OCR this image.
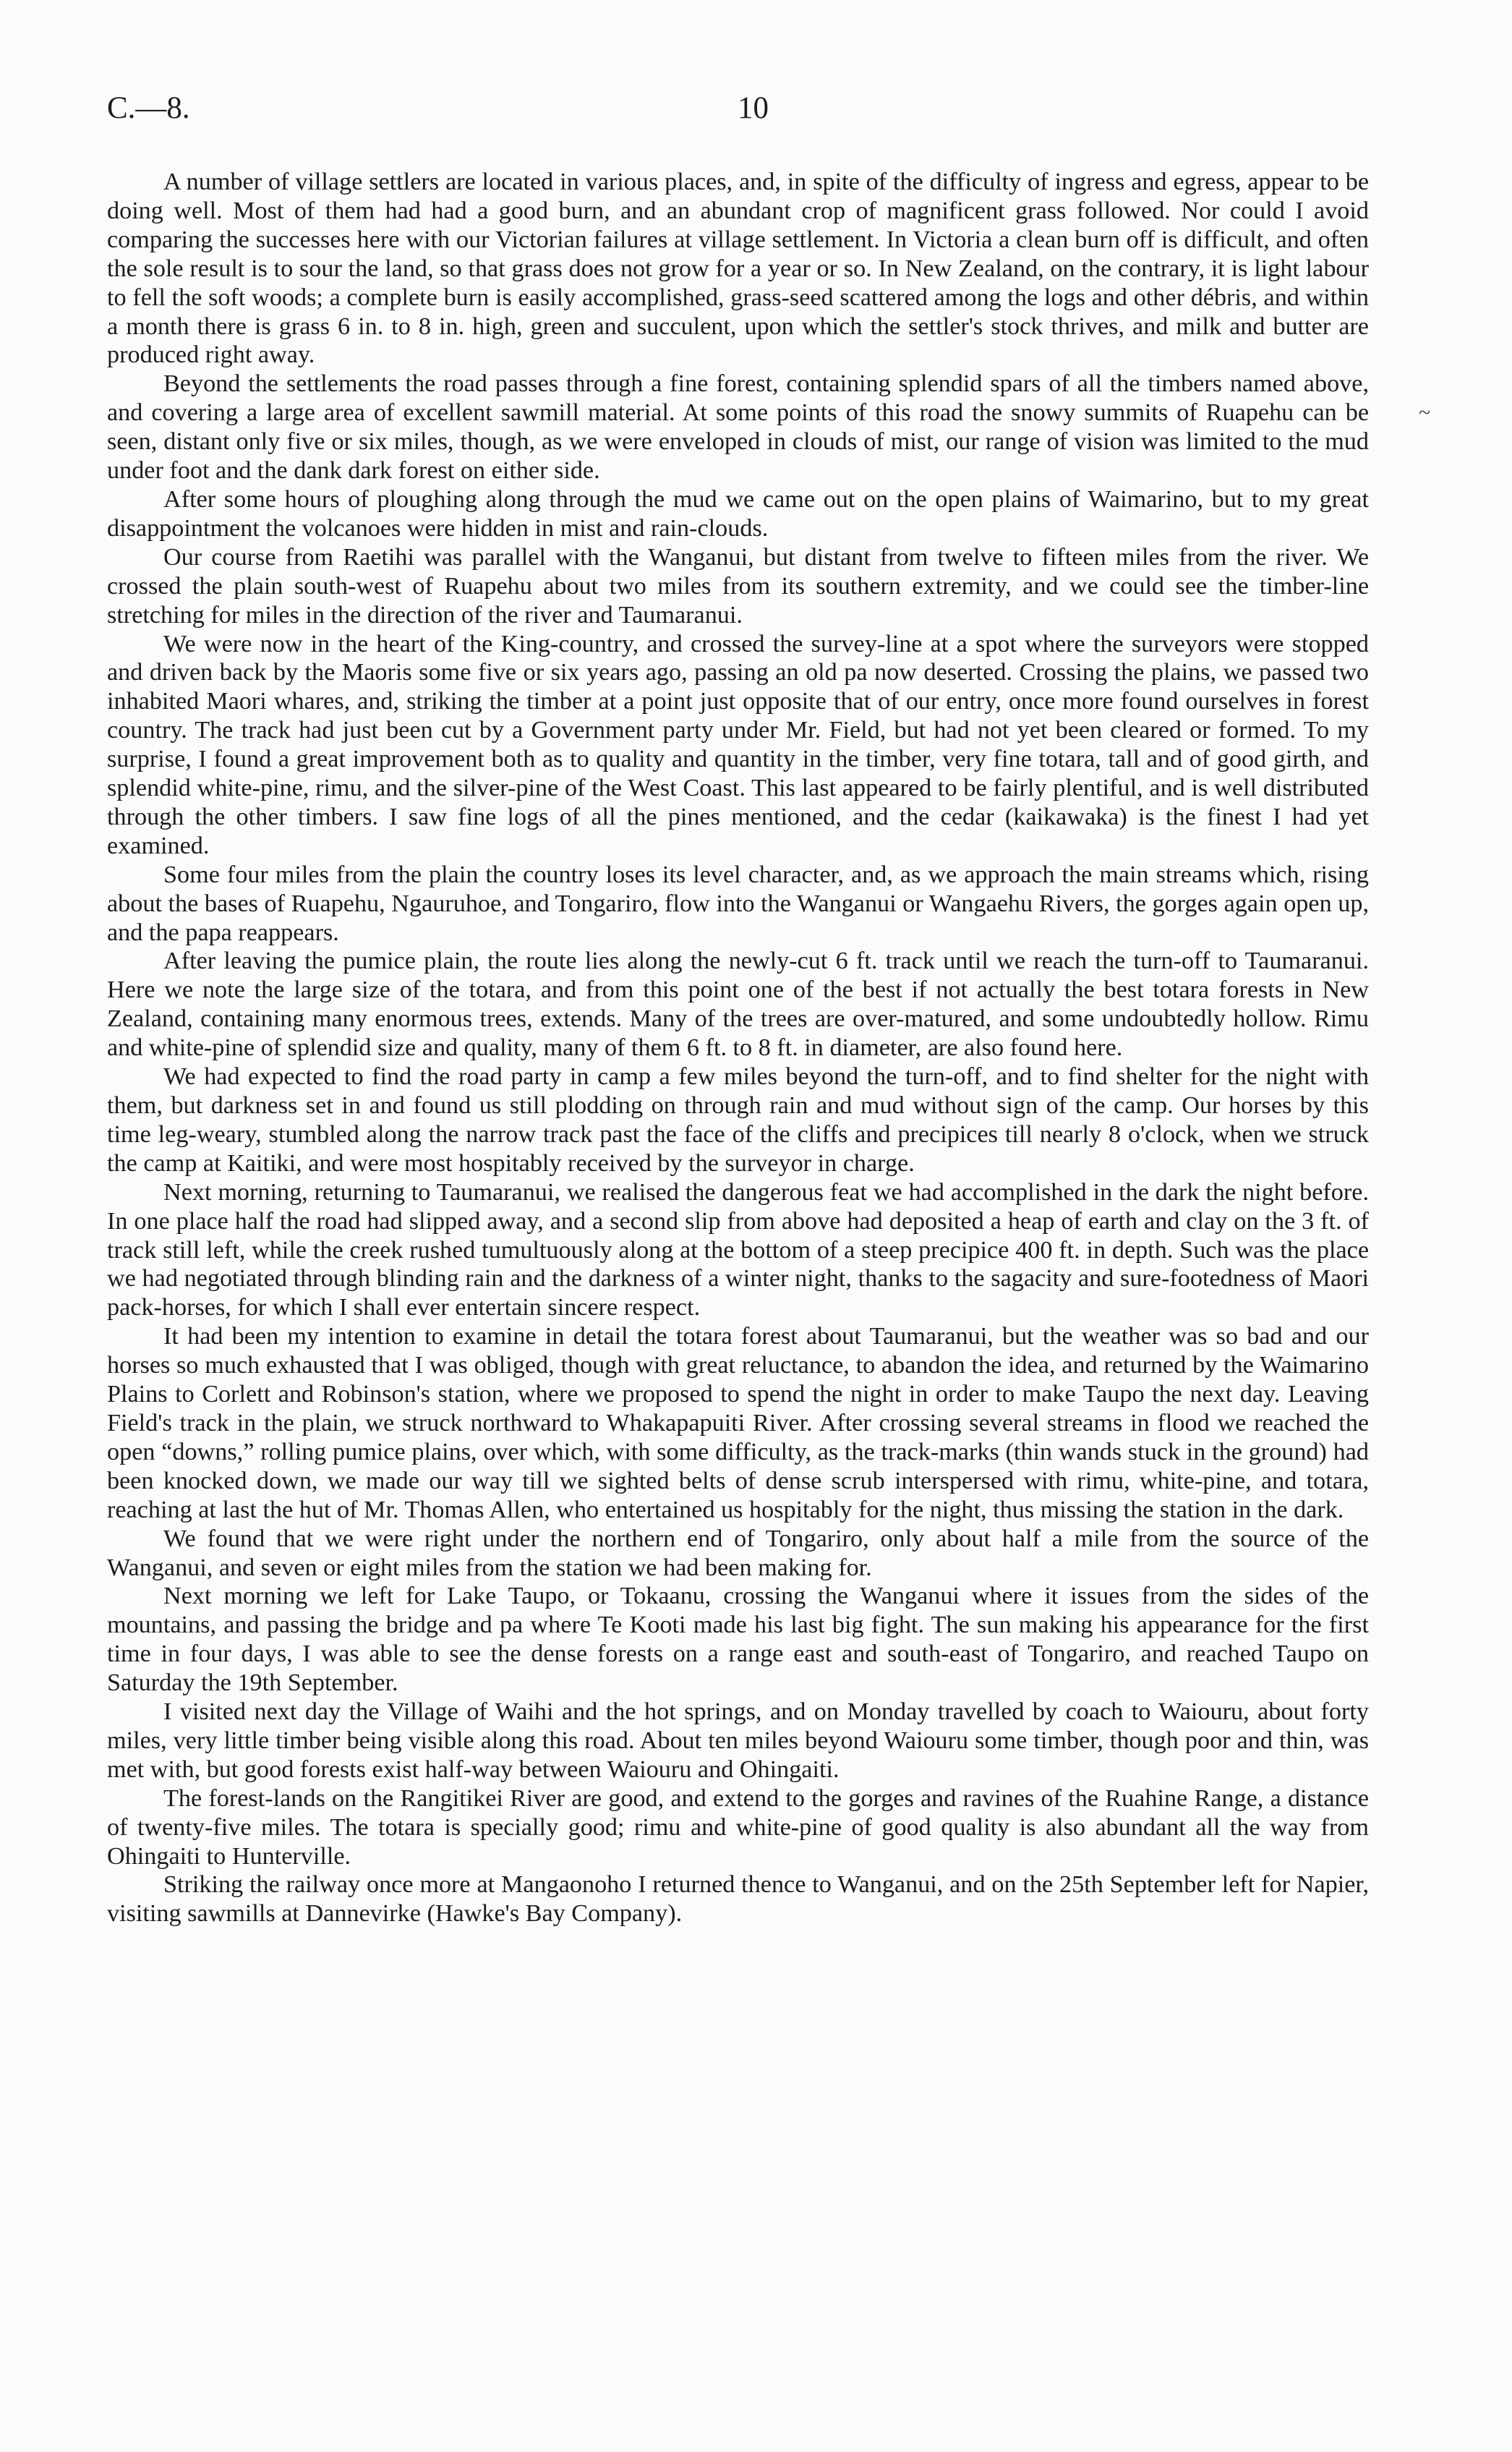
C.—8.	10
~

A number of village settlers are located in various places, and, in spite of the difficulty of ingress and egress, appear to be doing well. Most of them had had a good burn, and an abundant crop of magnificent grass followed. Nor could I avoid comparing the successes here with our Victorian failures at village settlement. In Victoria a clean burn off is difficult, and often the sole result is to sour the land, so that grass does not grow for a year or so. In New Zealand, on the contrary, it is light labour to fell the soft woods; a complete burn is easily accomplished, grass-seed scattered among the logs and other débris, and within a month there is grass 6 in. to 8 in. high, green and succulent, upon which the settler's stock thrives, and milk and butter are produced right away.

Beyond the settlements the road passes through a fine forest, containing splendid spars of all the timbers named above, and covering a large area of excellent sawmill material. At some points of this road the snowy summits of Ruapehu can be seen, distant only five or six miles, though, as we were enveloped in clouds of mist, our range of vision was limited to the mud under foot and the dank dark forest on either side.

After some hours of ploughing along through the mud we came out on the open plains of Waimarino, but to my great disappointment the volcanoes were hidden in mist and rain-clouds.

Our course from Raetihi was parallel with the Wanganui, but distant from twelve to fifteen miles from the river. We crossed the plain south-west of Ruapehu about two miles from its southern extremity, and we could see the timber-line stretching for miles in the direction of the river and Taumaranui.

We were now in the heart of the King-country, and crossed the survey-line at a spot where the surveyors were stopped and driven back by the Maoris some five or six years ago, passing an old pa now deserted. Crossing the plains, we passed two inhabited Maori whares, and, striking the timber at a point just opposite that of our entry, once more found ourselves in forest country. The track had just been cut by a Government party under Mr. Field, but had not yet been cleared or formed. To my surprise, I found a great improvement both as to quality and quantity in the timber, very fine totara, tall and of good girth, and splendid white-pine, rimu, and the silver-pine of the West Coast. This last appeared to be fairly plentiful, and is well distributed through the other timbers. I saw fine logs of all the pines mentioned, and the cedar (kaikawaka) is the finest I had yet examined.

Some four miles from the plain the country loses its level character, and, as we approach the main streams which, rising about the bases of Ruapehu, Ngauruhoe, and Tongariro, flow into the Wanganui or Wangaehu Rivers, the gorges again open up, and the papa reappears.

After leaving the pumice plain, the route lies along the newly-cut 6 ft. track until we reach the turn-off to Taumaranui. Here we note the large size of the totara, and from this point one of the best if not actually the best totara forests in New Zealand, containing many enormous trees, extends. Many of the trees are over-matured, and some undoubtedly hollow. Rimu and white-pine of splendid size and quality, many of them 6 ft. to 8 ft. in diameter, are also found here.

We had expected to find the road party in camp a few miles beyond the turn-off, and to find shelter for the night with them, but darkness set in and found us still plodding on through rain and mud without sign of the camp. Our horses by this time leg-weary, stumbled along the narrow track past the face of the cliffs and precipices till nearly 8 o'clock, when we struck the camp at Kaitiki, and were most hospitably received by the surveyor in charge.

Next morning, returning to Taumaranui, we realised the dangerous feat we had accomplished in the dark the night before. In one place half the road had slipped away, and a second slip from above had deposited a heap of earth and clay on the 3 ft. of track still left, while the creek rushed tumultuously along at the bottom of a steep precipice 400 ft. in depth. Such was the place we had negotiated through blinding rain and the darkness of a winter night, thanks to the sagacity and sure-footedness of Maori pack-horses, for which I shall ever entertain sincere respect.

It had been my intention to examine in detail the totara forest about Taumaranui, but the weather was so bad and our horses so much exhausted that I was obliged, though with great reluctance, to abandon the idea, and returned by the Waimarino Plains to Corlett and Robinson's station, where we proposed to spend the night in order to make Taupo the next day. Leaving Field's track in the plain, we struck northward to Whakapapuiti River. After crossing several streams in flood we reached the open “downs,” rolling pumice plains, over which, with some difficulty, as the track-marks (thin wands stuck in the ground) had been knocked down, we made our way till we sighted belts of dense scrub interspersed with rimu, white-pine, and totara, reaching at last the hut of Mr. Thomas Allen, who entertained us hospitably for the night, thus missing the station in the dark.

We found that we were right under the northern end of Tongariro, only about half a mile from the source of the Wanganui, and seven or eight miles from the station we had been making for.

Next morning we left for Lake Taupo, or Tokaanu, crossing the Wanganui where it issues from the sides of the mountains, and passing the bridge and pa where Te Kooti made his last big fight. The sun making his appearance for the first time in four days, I was able to see the dense forests on a range east and south-east of Tongariro, and reached Taupo on Saturday the 19th September.

I visited next day the Village of Waihi and the hot springs, and on Monday travelled by coach to Waiouru, about forty miles, very little timber being visible along this road. About ten miles beyond Waiouru some timber, though poor and thin, was met with, but good forests exist half-way between Waiouru and Ohingaiti.

The forest-lands on the Rangitikei River are good, and extend to the gorges and ravines of the Ruahine Range, a distance of twenty-five miles. The totara is specially good; rimu and white-pine of good quality is also abundant all the way from Ohingaiti to Hunterville.

Striking the railway once more at Mangaonoho I returned thence to Wanganui, and on the 25th September left for Napier, visiting sawmills at Dannevirke (Hawke's Bay Company).
